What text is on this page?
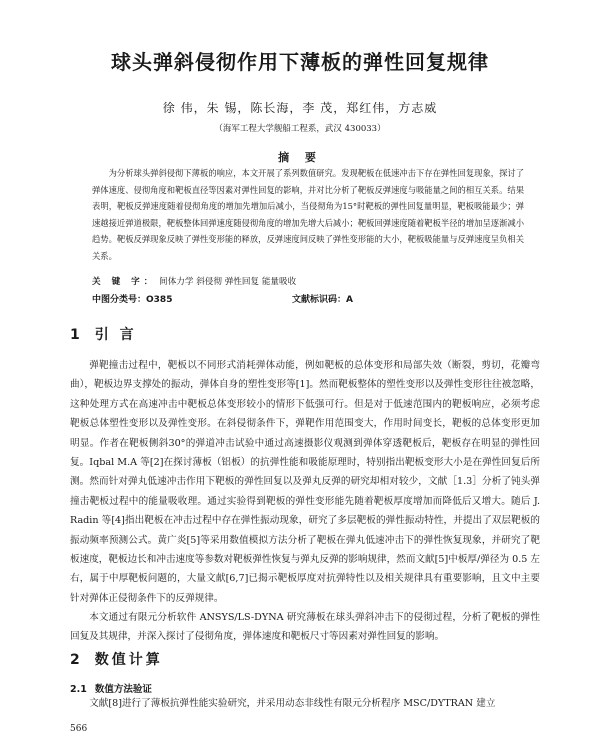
球头弹斜侵彻作用下薄板的弹性回复规律
徐 伟，朱 锡，陈长海，李 茂，郑红伟，方志威
（海军工程大学舰船工程系，武汉 430033）
摘 要
为分析球头弹斜侵彻下薄板的响应，本文开展了系列数值研究。发现靶板在低速冲击下存在弹性回复现象，探讨了弹体速度、侵彻角度和靶板直径等因素对弹性回复的影响，并对比分析了靶板反弹速度与吸能量之间的相互关系。结果表明，靶板反弹速度随着侵彻角度的增加先增加后减小，当侵彻角为15°时靶板的弹性回复量明显，靶板吸能最少；弹速越接近弹道极限，靶板整体回弹速度随侵彻角度的增加先增大后减小；靶板回弹速度随着靶板半径的增加呈逐渐减小趋势。靶板反弹现象反映了弹性变形能的释放，反弹速度间反映了弹性变形能的大小，靶板吸能量与反弹速度呈负相关关系。
关 键 字： 间体力学 斜侵彻 弹性回复 能量吸收
中图分类号：O385	文献标识码：A
1 引 言
弹靶撞击过程中，靶板以不同形式消耗弹体动能，例如靶板的总体变形和局部失效（断裂，剪切，花瓣弯曲），靶板边界支撑处的振动，弹体自身的塑性变形等[1]。然而靶板整体的塑性变形以及弹性变形往往被忽略，这种处理方式在高速冲击中靶板总体变形较小的情形下低强可行。但是对于低速范围内的靶板响应，必须考虑靶板总体塑性变形以及弹性变形。在斜侵彻条件下，弹靶作用范围变大，作用时间变长，靶板的总体变形更加明显。作者在靶板侧斜30°的弹道冲击试验中通过高速摄影仪观测到弹体穿透靶板后，靶板存在明显的弹性回复。Iqbal M.A 等[2]在探讨薄板（铝板）的抗弹性能和吸能原理时，特别指出靶板变形大小是在弹性回复后所测。然而针对弹丸低速冲击作用下靶板的弹性回复以及弹丸反弹的研究却相对较少，文献［1.3］分析了钝头弹撞击靶板过程中的能量吸收理。通过实验得到靶板的弹性变形能先随着靶板厚度增加而降低后又增大。随后 J. Radin 等[4]指出靶板在冲击过程中存在弹性振动现象，研究了多层靶板的弹性振动特性，并提出了双层靶板的振动频率预测公式。黄广炎[5]等采用数值模拟方法分析了靶板在弹丸低速冲击下的弹性恢复现象，并研究了靶板速度，靶板边长和冲击速度等参数对靶板弹性恢复与弹丸反弹的影响规律，然而文献[5]中板厚/弹径为 0.5 左右，属于中厚靶板问题的，大量文献[6,7]已揭示靶板厚度对抗弹特性以及相关规律具有重要影响，且文中主要针对弹体正侵彻条件下的反弹规律。
本文通过有限元分析软件 ANSYS/LS-DYNA 研究薄板在球头弹斜冲击下的侵彻过程，分析了靶板的弹性回复及其规律，并深入探讨了侵彻角度，弹体速度和靶板尺寸等因素对弹性回复的影响。
2 数值计算
2.1 数值方法验证
文献[8]进行了薄板抗弹性能实验研究，并采用动态非线性有限元分析程序 MSC/DYTRAN 建立
566
